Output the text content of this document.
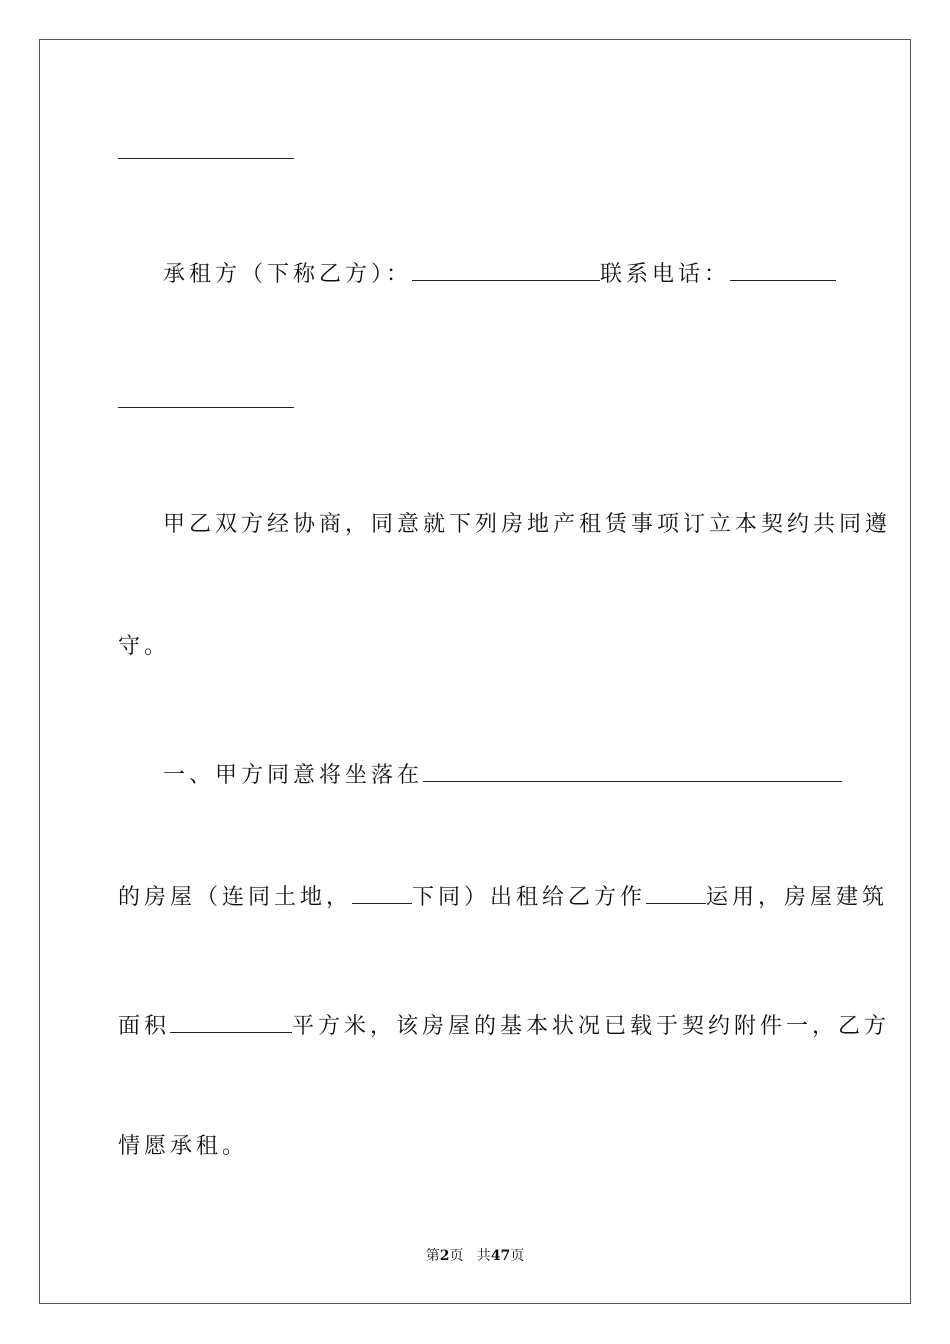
承租方（下称乙方）：	联系电话：
甲乙双方经协商，同意就下列房地产租赁事项订立本契约共同遵
守。
一、甲方同意将坐落在
的房屋（连同土地，	下同）出租给乙方作	运用，房屋建筑
面积	平方米，该房屋的基本状况已载于契约附件一，乙方
情愿承租。
第2页   共47页
